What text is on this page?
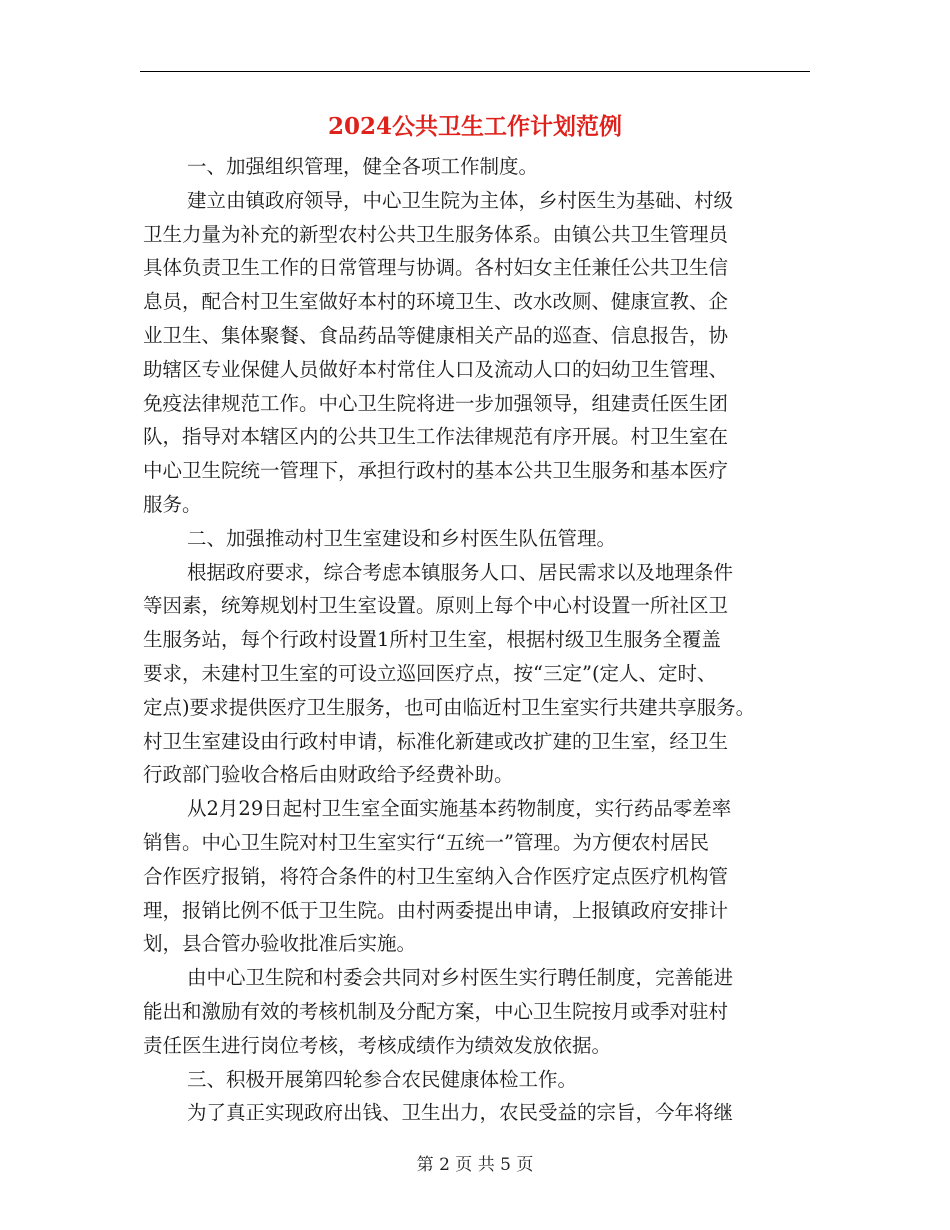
2024公共卫生工作计划范例
一、加强组织管理，健全各项工作制度。
建立由镇政府领导，中心卫生院为主体，乡村医生为基础、村级
卫生力量为补充的新型农村公共卫生服务体系。由镇公共卫生管理员
具体负责卫生工作的日常管理与协调。各村妇女主任兼任公共卫生信
息员，配合村卫生室做好本村的环境卫生、改水改厕、健康宣教、企
业卫生、集体聚餐、食品药品等健康相关产品的巡查、信息报告，协
助辖区专业保健人员做好本村常住人口及流动人口的妇幼卫生管理、
免疫法律规范工作。中心卫生院将进一步加强领导，组建责任医生团
队，指导对本辖区内的公共卫生工作法律规范有序开展。村卫生室在
中心卫生院统一管理下，承担行政村的基本公共卫生服务和基本医疗
服务。
二、加强推动村卫生室建设和乡村医生队伍管理。
根据政府要求，综合考虑本镇服务人口、居民需求以及地理条件
等因素，统筹规划村卫生室设置。原则上每个中心村设置一所社区卫
生服务站，每个行政村设置1所村卫生室，根据村级卫生服务全覆盖
要求，未建村卫生室的可设立巡回医疗点，按“三定”(定人、定时、
定点)要求提供医疗卫生服务，也可由临近村卫生室实行共建共享服务。
村卫生室建设由行政村申请，标准化新建或改扩建的卫生室，经卫生
行政部门验收合格后由财政给予经费补助。
从2月29日起村卫生室全面实施基本药物制度，实行药品零差率
销售。中心卫生院对村卫生室实行“五统一”管理。为方便农村居民
合作医疗报销，将符合条件的村卫生室纳入合作医疗定点医疗机构管
理，报销比例不低于卫生院。由村两委提出申请，上报镇政府安排计
划，县合管办验收批准后实施。
由中心卫生院和村委会共同对乡村医生实行聘任制度，完善能进
能出和激励有效的考核机制及分配方案，中心卫生院按月或季对驻村
责任医生进行岗位考核，考核成绩作为绩效发放依据。
三、积极开展第四轮参合农民健康体检工作。
为了真正实现政府出钱、卫生出力，农民受益的宗旨，今年将继
第 2 页 共 5 页
